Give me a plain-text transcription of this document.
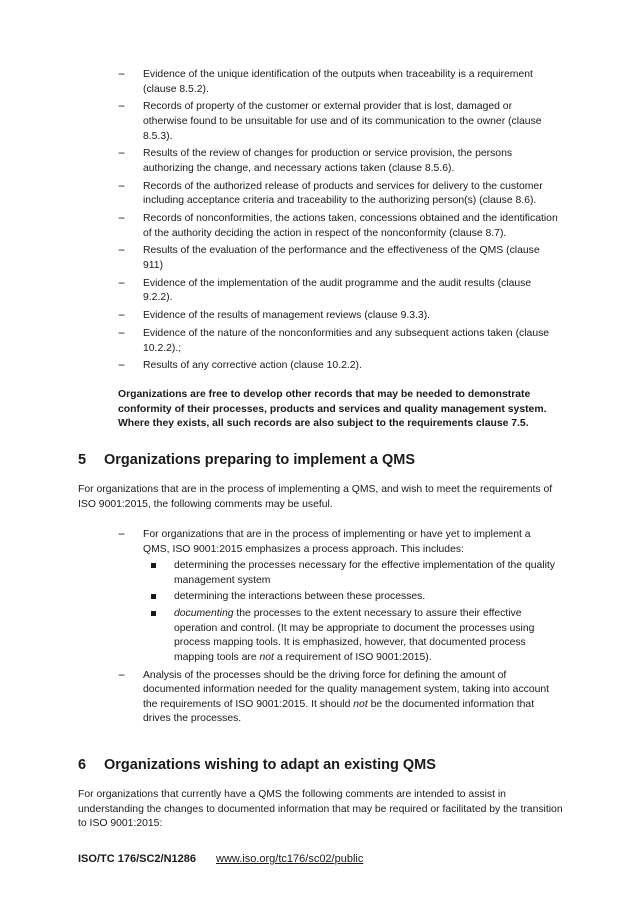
− Evidence of the unique identification of the outputs when traceability is a requirement (clause 8.5.2).
− Records of property of the customer or external provider that is lost, damaged or otherwise found to be unsuitable for use and of its communication to the owner (clause 8.5.3).
− Results of the review of changes for production or service provision, the persons authorizing the change, and necessary actions taken (clause 8.5.6).
− Records of the authorized release of products and services for delivery to the customer including acceptance criteria and traceability to the authorizing person(s) (clause 8.6).
− Records of nonconformities, the actions taken, concessions obtained and the identification of the authority deciding the action in respect of the nonconformity (clause 8.7).
− Results of the evaluation of the performance and the effectiveness of the QMS (clause 911)
− Evidence of the implementation of the audit programme and the audit results (clause 9.2.2).
− Evidence of the results of management reviews (clause 9.3.3).
− Evidence of the nature of the nonconformities and any subsequent actions taken (clause 10.2.2).;
− Results of any corrective action (clause 10.2.2).
Organizations are free to develop other records that may be needed to demonstrate conformity of their processes, products and services and quality management system. Where they exists, all such records are also subject to the requirements clause 7.5.
5 Organizations preparing to implement a QMS
For organizations that are in the process of implementing a QMS, and wish to meet the requirements of ISO 9001:2015, the following comments may be useful.
− For organizations that are in the process of implementing or have yet to implement a QMS, ISO 9001:2015 emphasizes a process approach. This includes:
determining the processes necessary for the effective implementation of the quality management system
determining the interactions between these processes.
documenting the processes to the extent necessary to assure their effective operation and control. (It may be appropriate to document the processes using process mapping tools. It is emphasized, however, that documented process mapping tools are not a requirement of ISO 9001:2015).
− Analysis of the processes should be the driving force for defining the amount of documented information needed for the quality management system, taking into account the requirements of ISO 9001:2015. It should not be the documented information that drives the processes.
6 Organizations wishing to adapt an existing QMS
For organizations that currently have a QMS the following comments are intended to assist in understanding the changes to documented information that may be required or facilitated by the transition to ISO 9001:2015:
ISO/TC 176/SC2/N1286 www.iso.org/tc176/sc02/public
